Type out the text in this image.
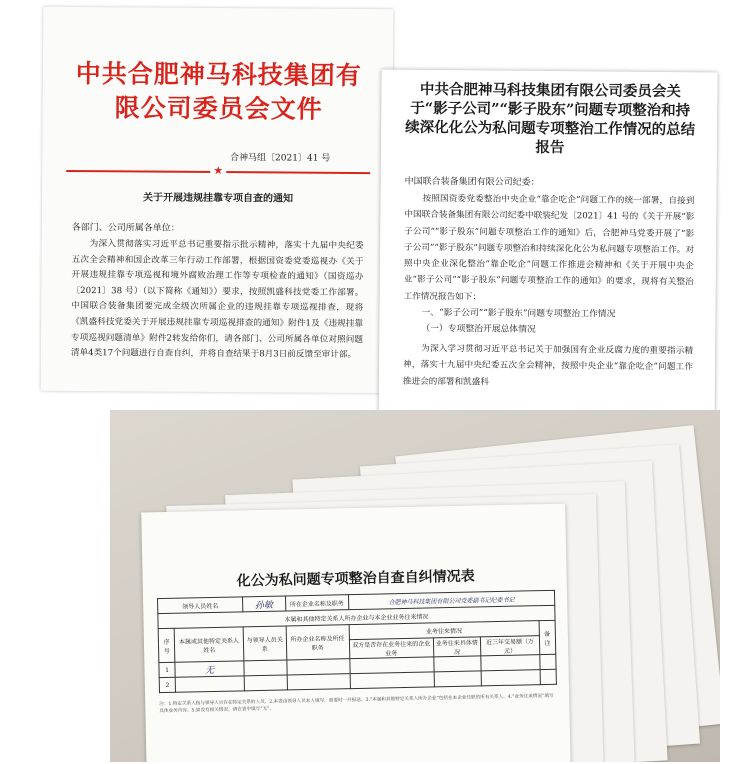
中共合肥神马科技集团有限公司委员会文件
合神马组〔2021〕41 号
★
关于开展违规挂靠专项自查的通知
各部门、公司所属各单位：
为深入贯彻落实习近平总书记重要指示批示精神，落实十九届中央纪委五次全会精神和国企改革三年行动工作部署，根据国资委党委巡视办《关于开展违规挂靠专项巡视和境外腐败治理工作等专项检查的通知》（国资巡办〔2021〕38 号）（以下简称《通知》）要求，按照凯盛科技党委工作部署。中国联合装备集团要完成全级次所属企业的违规挂靠专项巡视排查，现将《凯盛科技党委关于开展违规挂靠专项巡视排查的通知》附件1及《违规挂靠专项巡视问题清单》附件2转发给你们，请各部门、公司所属各单位对照问题清单4类17个问题进行自查自纠，并将自查结果于8月3日前反馈至审计部。
中共合肥神马科技集团有限公司委员会关于“影子公司”“影子股东”问题专项整治和持续深化化公为私问题专项整治工作情况的总结报告
中国联合装备集团有限公司纪委：
按照国资委党委整治中央企业“靠企吃企”问题工作的统一部署，自接到中国联合装备集团有限公司纪委中联装纪发〔2021〕41 号的《关于开展“影子公司”“影子股东”问题专项整治工作的通知》后，合肥神马党委开展了“影子公司”“影子股东”问题专项整治和持续深化化公为私问题专项整治工作。对照中央企业深化整治“靠企吃企”问题工作推进会精神和《关于开展中央企业“影子公司”“影子股东”问题专项整治工作的通知》的要求，现将有关整治工作情况报告如下：
一、“影子公司”“影子股东”问题专项整治工作情况
（一）专项整治开展总体情况
为深入学习贯彻习近平总书记关于加强国有企业反腐力度的重要指示精神，落实十九届中央纪委五次全会精神，按照中央企业“靠企吃企”问题工作推进会的部署和凯盛科
化公为私问题专项整治自查自纠情况表
领导人员姓名		孙敏	所在企业名称及职务	合肥神马科技集团有限公司党委副书记纪委书记			
本属和其他特定关系人所办企业与本企业业务往来情况							
序号	本属或其他特定关系人姓名	与领导人员关系	所办企业名称及所任职务	业务往来情况			备注
				双方是否存在业务往来的企业业务	业务往来具体情况	近三年交易额（万元）	
1	无						
2							
注：1.特定关系人指与领导人员存在特定关系的人员。2.本表由领导人员本人填写，需要时一并报送。3.“本属和其他特定关系人所办企业”包括在本企业任职的所有关系人。4.“业务往来情况”填写具体业务内容。5.如没有相关情况，请在表中填写“无”。
